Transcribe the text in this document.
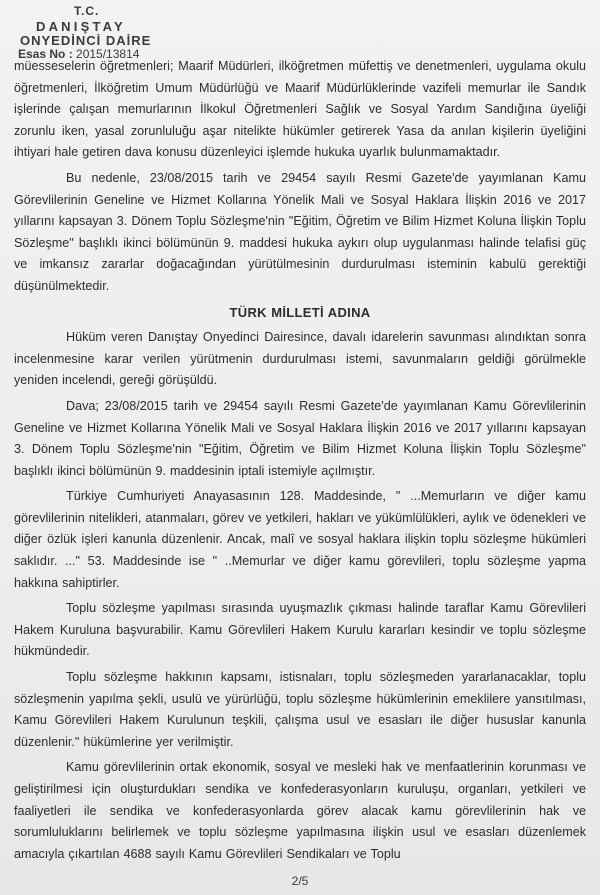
T.C.
DANIŞTAY
ONYEDİNCİ DAİRE
Esas No : 2015/13814

müesseselerin öğretmenleri; Maarif Müdürleri, ilköğretmen müfettiş ve denetmenleri, uygulama okulu öğretmenleri, İlköğretim Umum Müdürlüğü ve Maarif Müdürlüklerinde vazifeli memurlar ile Sandık işlerinde çalışan memurlarının İlkokul Öğretmenleri Sağlık ve Sosyal Yardım Sandığına üyeliği zorunlu iken, yasal zorunluluğu aşar nitelikte hükümler getirerek Yasa da anılan kişilerin üyeliğini ihtiyari hale getiren dava konusu düzenleyici işlemde hukuka uyarlık bulunmamaktadır.

Bu nedenle, 23/08/2015 tarih ve 29454 sayılı Resmi Gazete'de yayımlanan Kamu Görevlilerinin Geneline ve Hizmet Kollarına Yönelik Mali ve Sosyal Haklara İlişkin 2016 ve 2017 yıllarını kapsayan 3. Dönem Toplu Sözleşme'nin "Eğitim, Öğretim ve Bilim Hizmet Koluna İlişkin Toplu Sözleşme" başlıklı ikinci bölümünün 9. maddesi hukuka aykırı olup uygulanması halinde telafisi güç ve imkansız zararlar doğacağından yürütülmesinin durdurulması isteminin kabulü gerektiği düşünülmektedir.

TÜRK MİLLETİ ADINA

Hüküm veren Danıştay Onyedinci Dairesince, davalı idarelerin savunması alındıktan sonra incelenmesine karar verilen yürütmenin durdurulması istemi, savunmaların geldiği görülmekle yeniden incelendi, gereği görüşüldü.

Dava; 23/08/2015 tarih ve 29454 sayılı Resmi Gazete'de yayımlanan Kamu Görevlilerinin Geneline ve Hizmet Kollarına Yönelik Mali ve Sosyal Haklara İlişkin 2016 ve 2017 yıllarını kapsayan 3. Dönem Toplu Sözleşme'nin "Eğitim, Öğretim ve Bilim Hizmet Koluna İlişkin Toplu Sözleşme" başlıklı ikinci bölümünün 9. maddesinin iptali istemiyle açılmıştır.

Türkiye Cumhuriyeti Anayasasının 128. Maddesinde, " ...Memurların ve diğer kamu görevlilerinin nitelikleri, atanmaları, görev ve yetkileri, hakları ve yükümlülükleri, aylık ve ödenekleri ve diğer özlük işleri kanunla düzenlenir. Ancak, malî ve sosyal haklara ilişkin toplu sözleşme hükümleri saklıdır. ..." 53. Maddesinde ise " ..Memurlar ve diğer kamu görevlileri, toplu sözleşme yapma hakkına sahiptirler.

Toplu sözleşme yapılması sırasında uyuşmazlık çıkması halinde taraflar Kamu Görevlileri Hakem Kuruluna başvurabilir. Kamu Görevlileri Hakem Kurulu kararları kesindir ve toplu sözleşme hükmündedir.

Toplu sözleşme hakkının kapsamı, istisnaları, toplu sözleşmeden yararlanacaklar, toplu sözleşmenin yapılma şekli, usulü ve yürürlüğü, toplu sözleşme hükümlerinin emeklilere yansıtılması, Kamu Görevlileri Hakem Kurulunun teşkili, çalışma usul ve esasları ile diğer hususlar kanunla düzenlenir." hükümlerine yer verilmiştir.

Kamu görevlilerinin ortak ekonomik, sosyal ve mesleki hak ve menfaatlerinin korunması ve geliştirilmesi için oluşturdukları sendika ve konfederasyonların kuruluşu, organları, yetkileri ve faaliyetleri ile sendika ve konfederasyonlarda görev alacak kamu görevlilerinin hak ve sorumluluklarını belirlemek ve toplu sözleşme yapılmasına ilişkin usul ve esasları düzenlemek amacıyla çıkartılan 4688 sayılı Kamu Görevlileri Sendikaları ve Toplu

2/5
